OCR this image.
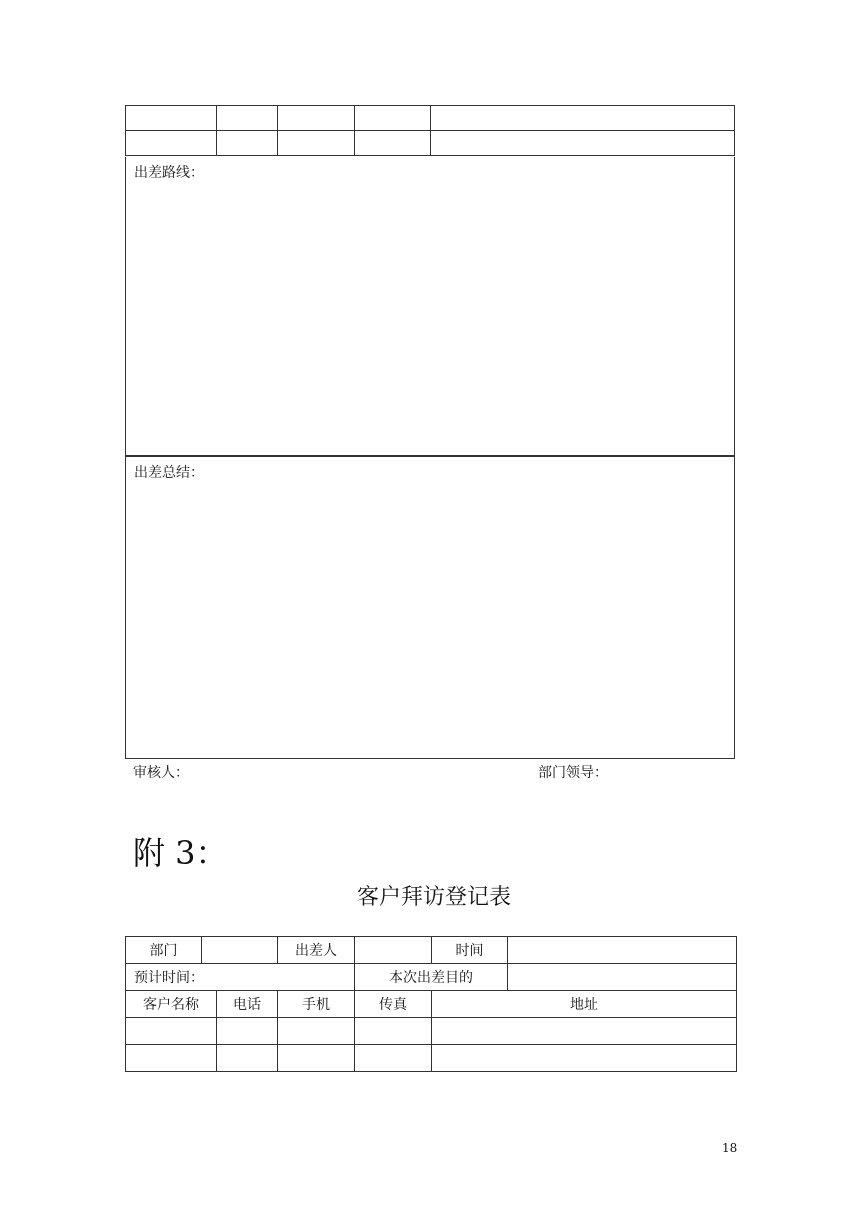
出差路线：
出差总结：
审核人：	部门领导：
附 3：
客户拜访登记表
部门			出差人		时间	
预计时间：				本次出差目的		
客户名称		电话	手机	传真	地址	

18
